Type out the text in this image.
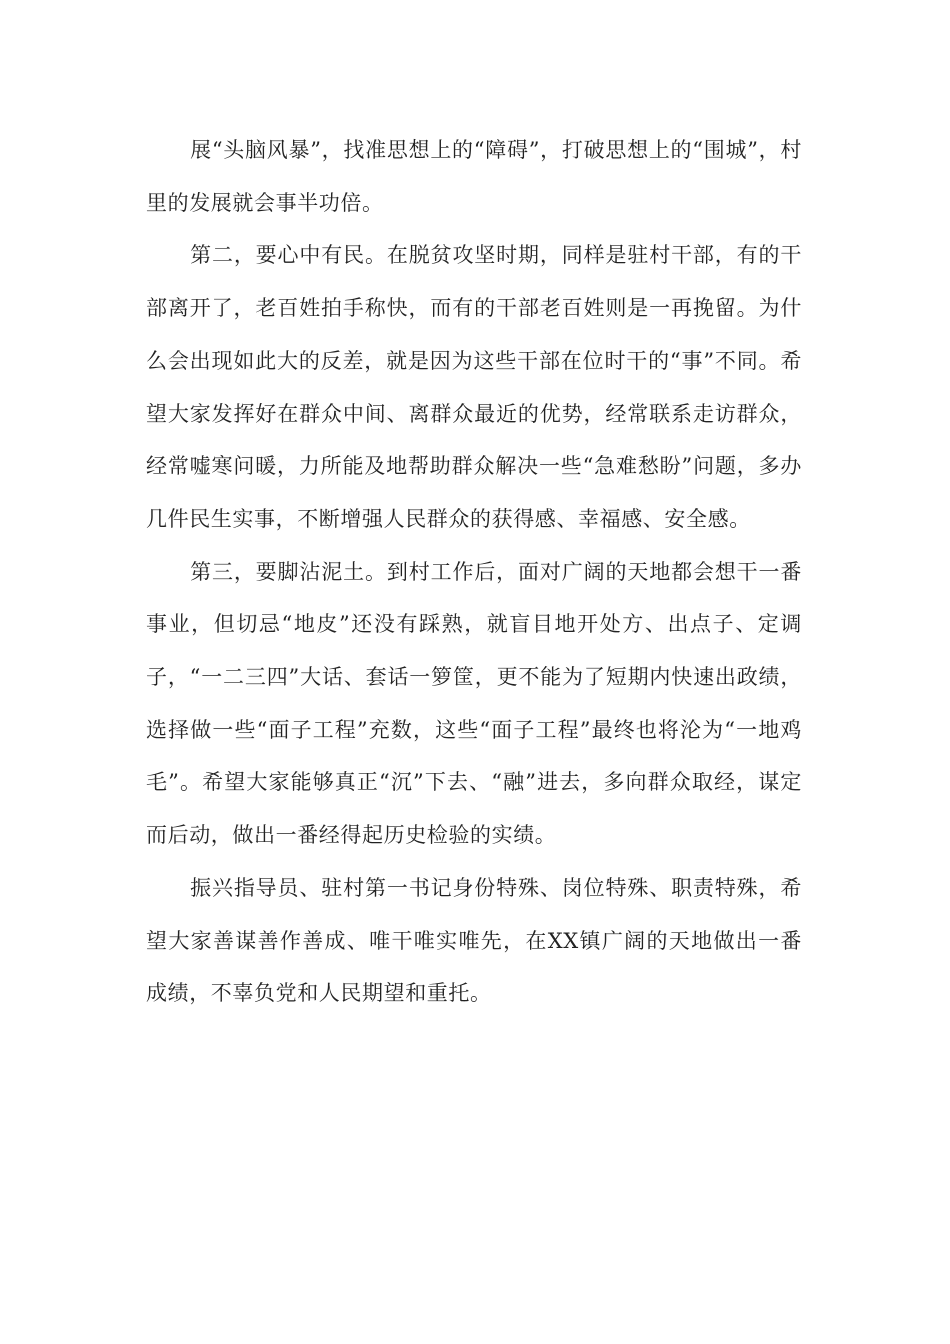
展“头脑风暴”，找准思想上的“障碍”，打破思想上的“围城”，村里的发展就会事半功倍。

第二，要心中有民。在脱贫攻坚时期，同样是驻村干部，有的干部离开了，老百姓拍手称快，而有的干部老百姓则是一再挽留。为什么会出现如此大的反差，就是因为这些干部在位时干的“事”不同。希望大家发挥好在群众中间、离群众最近的优势，经常联系走访群众，经常嘘寒问暖，力所能及地帮助群众解决一些“急难愁盼”问题，多办几件民生实事，不断增强人民群众的获得感、幸福感、安全感。

第三，要脚沾泥土。到村工作后，面对广阔的天地都会想干一番事业，但切忌“地皮”还没有踩熟，就盲目地开处方、出点子、定调子，“一二三四”大话、套话一箩筐，更不能为了短期内快速出政绩，选择做一些“面子工程”充数，这些“面子工程”最终也将沦为“一地鸡毛”。希望大家能够真正“沉”下去、“融”进去，多向群众取经，谋定而后动，做出一番经得起历史检验的实绩。

振兴指导员、驻村第一书记身份特殊、岗位特殊、职责特殊，希望大家善谋善作善成、唯干唯实唯先，在XX镇广阔的天地做出一番成绩，不辜负党和人民期望和重托。
